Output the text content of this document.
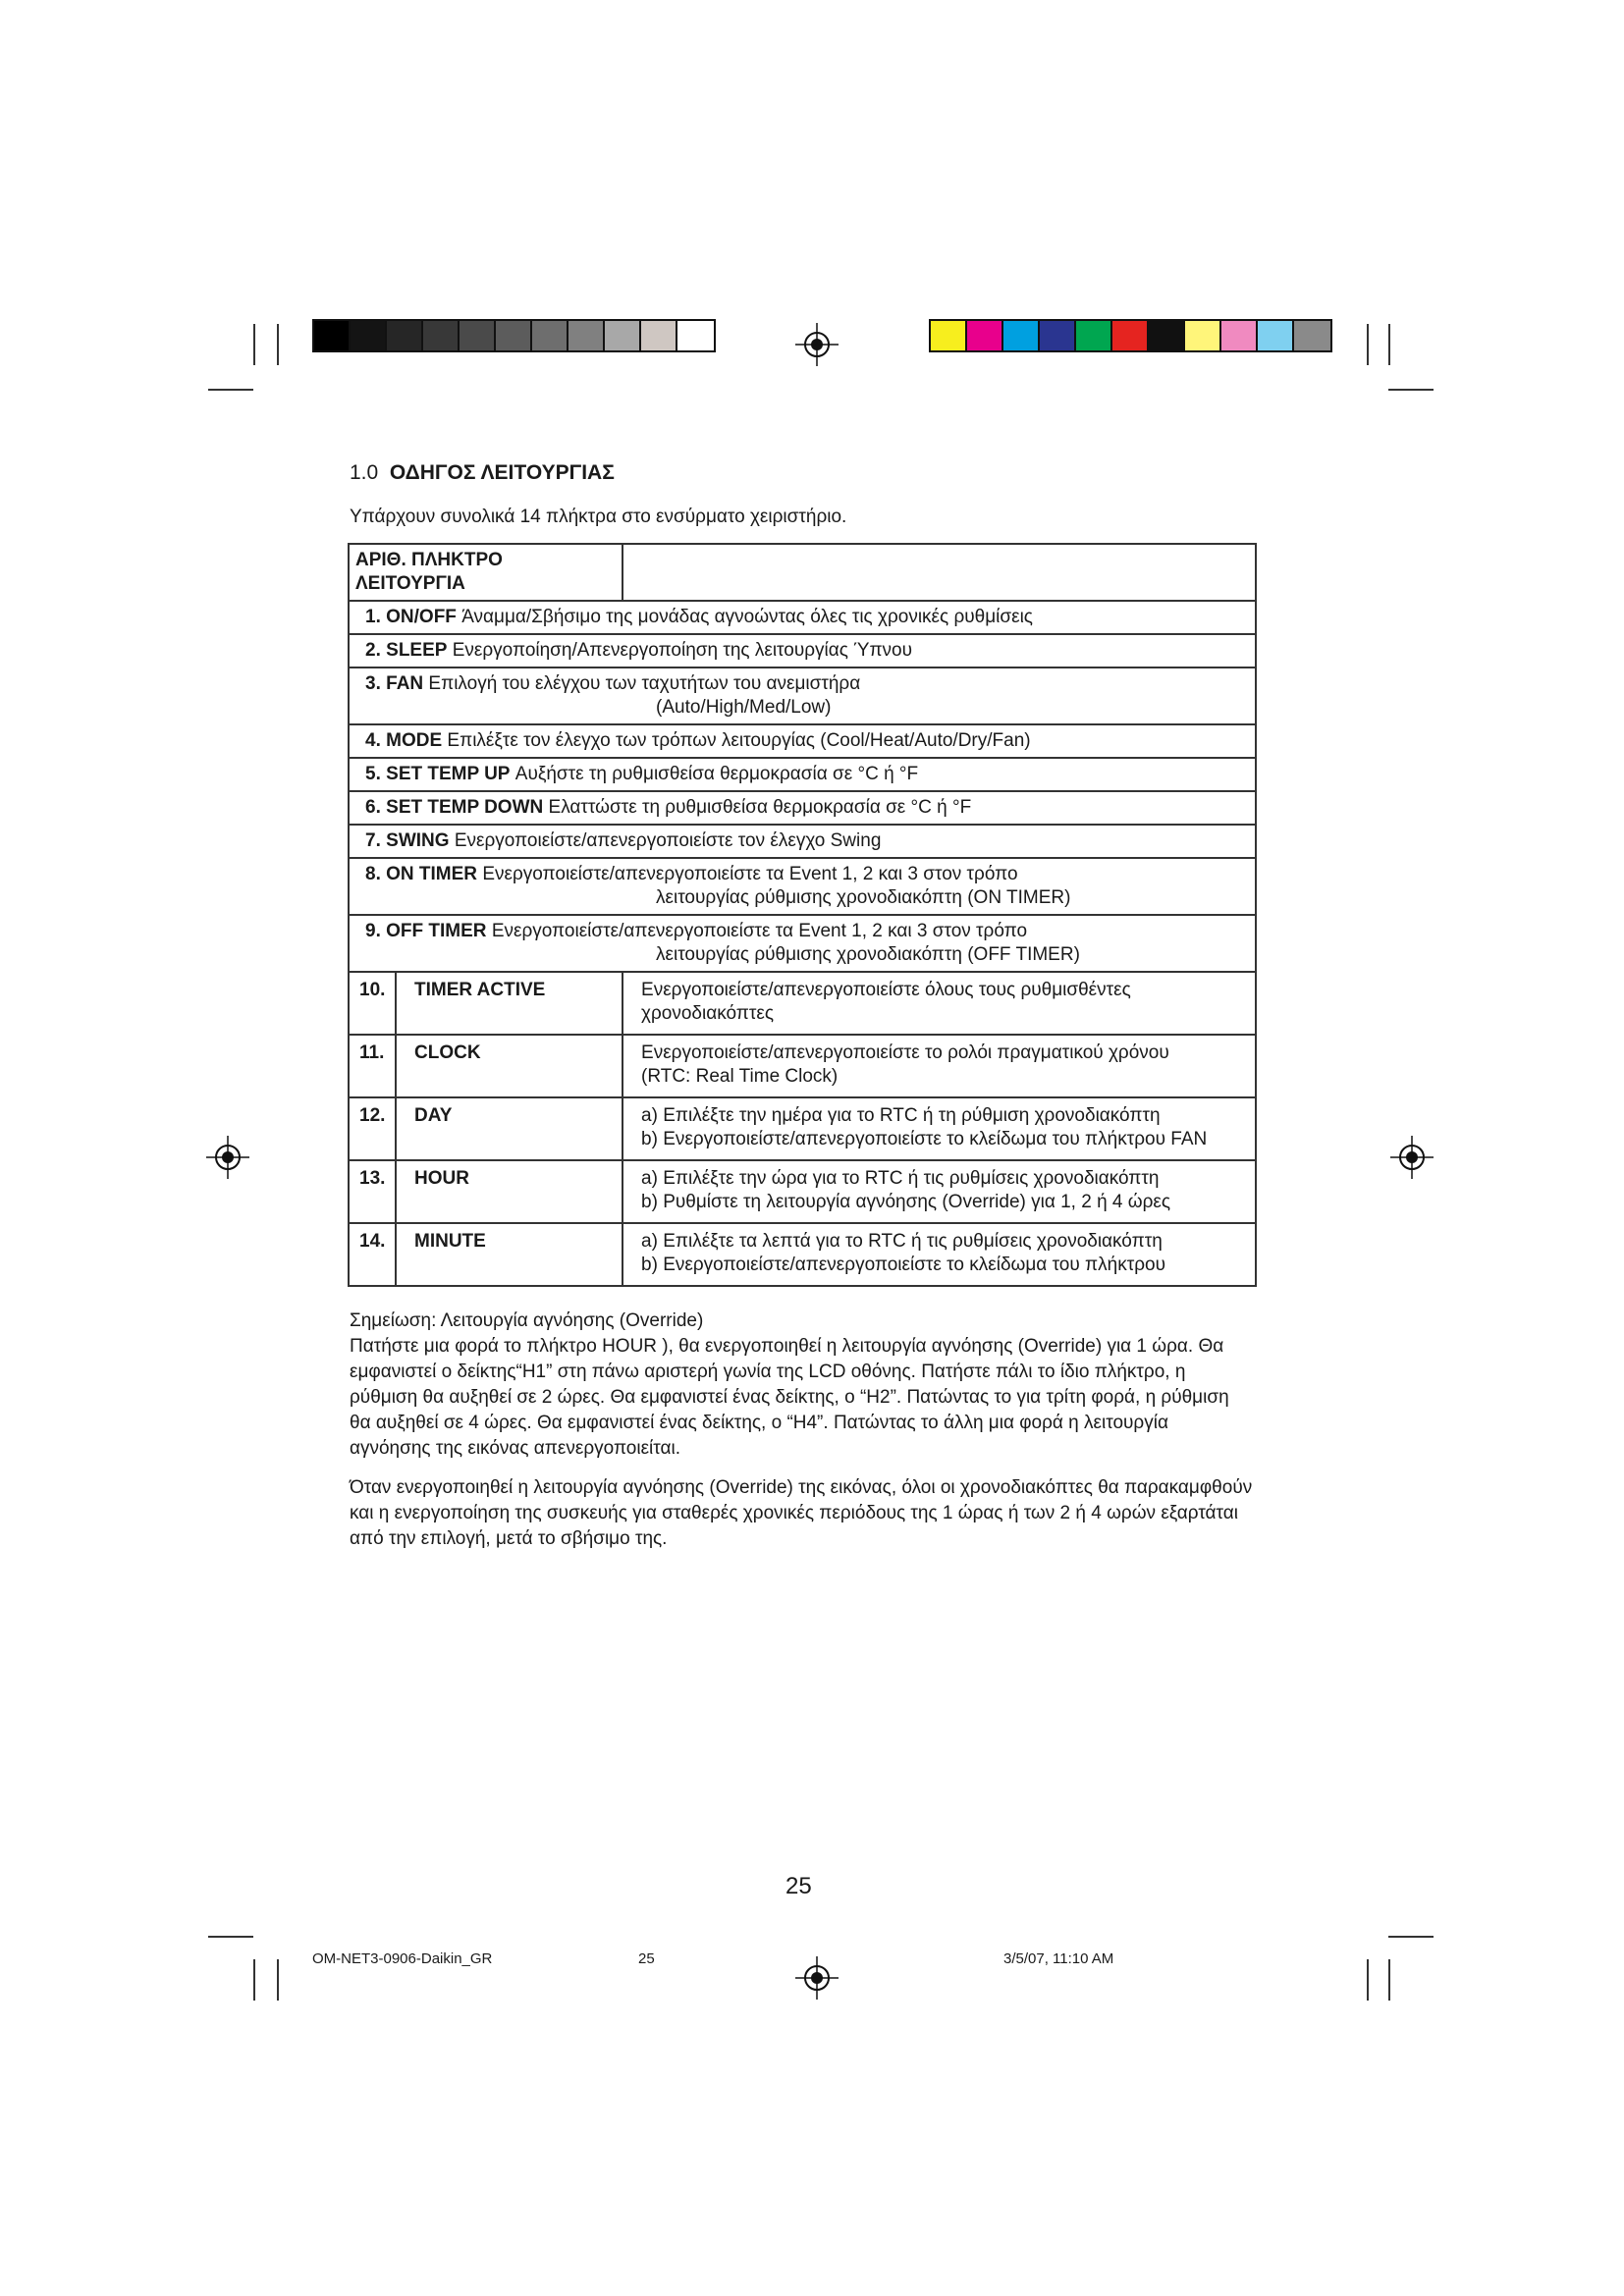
1.0 ΟΔΗΓΟΣ ΛΕΙΤΟΥΡΓΙΑΣ

Υπάρχουν συνολικά 14 πλήκτρα στο ενσύρματο χειριστήριο.

ΑΡΙΘ. ΠΛΗΚΤΡΟ ΛΕΙΤΟΥΡΓΙΑ		
1. ON/OFF Άναμμα/Σβήσιμο της μονάδας αγνοώντας όλες τις χρονικές ρυθμίσεις		
2. SLEEP Ενεργοποίηση/Απενεργοποίηση της λειτουργίας Ύπνου		
3. FAN Επιλογή του ελέγχου των ταχυτήτων του ανεμιστήρα
(Auto/High/Med/Low)		

4. MODE Επιλέξτε τον έλεγχο των τρόπων λειτουργίας (Cool/Heat/Auto/Dry/Fan)		
5. SET TEMP UP Αυξήστε τη ρυθμισθείσα θερμοκρασία σε °C ή °F		
6. SET TEMP DOWN Ελαττώστε τη ρυθμισθείσα θερμοκρασία σε °C ή °F		
7. SWING Ενεργοποιείστε/απενεργοποιείστε τον έλεγχο Swing		
8. ON TIMER Ενεργοποιείστε/απενεργοποιείστε τα Event 1, 2 και 3 στον τρόπο
λειτουργίας ρύθμισης χρονοδιακόπτη (ON TIMER)		

9. OFF TIMER Ενεργοποιείστε/απενεργοποιείστε τα Event 1, 2 και 3 στον τρόπο
λειτουργίας ρύθμισης χρονοδιακόπτη (OFF TIMER)		

10.	TIMER ACTIVE	Ενεργοποιείστε/απενεργοποιείστε όλους τους ρυθμισθέντες
χρονοδιακόπτες

11.	CLOCK	Ενεργοποιείστε/απενεργοποιείστε το ρολόι πραγματικού χρόνου
(RTC: Real Time Clock)

12.	DAY	a) Επιλέξτε την ημέρα για το RTC ή τη ρύθμιση χρονοδιακόπτη
b) Ενεργοποιείστε/απενεργοποιείστε το κλείδωμα του πλήκτρου FAN

13.	HOUR	a) Επιλέξτε την ώρα για το RTC ή τις ρυθμίσεις χρονοδιακόπτη
b) Ρυθμίστε τη λειτουργία αγνόησης (Override) για 1, 2 ή 4 ώρες

14.	MINUTE	a) Επιλέξτε τα λεπτά για το RTC ή τις ρυθμίσεις χρονοδιακόπτη
b) Ενεργοποιείστε/απενεργοποιείστε το κλείδωμα του πλήκτρου

Σημείωση: Λειτουργία αγνόησης (Override)

Πατήστε μια φορά το πλήκτρο HOUR ), θα ενεργοποιηθεί η λειτουργία αγνόησης (Override) για 1 ώρα. Θα εμφανιστεί ο δείκτης“H1” στη πάνω αριστερή γωνία της LCD οθόνης. Πατήστε πάλι το ίδιο πλήκτρο, η ρύθμιση θα αυξηθεί σε 2 ώρες. Θα εμφανιστεί ένας δείκτης, ο “H2”. Πατώντας το για τρίτη φορά, η ρύθμιση θα αυξηθεί σε 4 ώρες. Θα εμφανιστεί ένας δείκτης, ο “H4”. Πατώντας το άλλη μια φορά η λειτουργία αγνόησης της εικόνας απενεργοποιείται.

Όταν ενεργοποιηθεί η λειτουργία αγνόησης (Override) της εικόνας, όλοι οι χρονοδιακόπτες θα παρακαμφθούν και η ενεργοποίηση της συσκευής για σταθερές χρονικές περιόδους της 1 ώρας ή των 2 ή 4 ωρών εξαρτάται από την επιλογή, μετά το σβήσιμο της.

25
OM-NET3-0906-Daikin_GR	25	3/5/07, 11:10 AM
